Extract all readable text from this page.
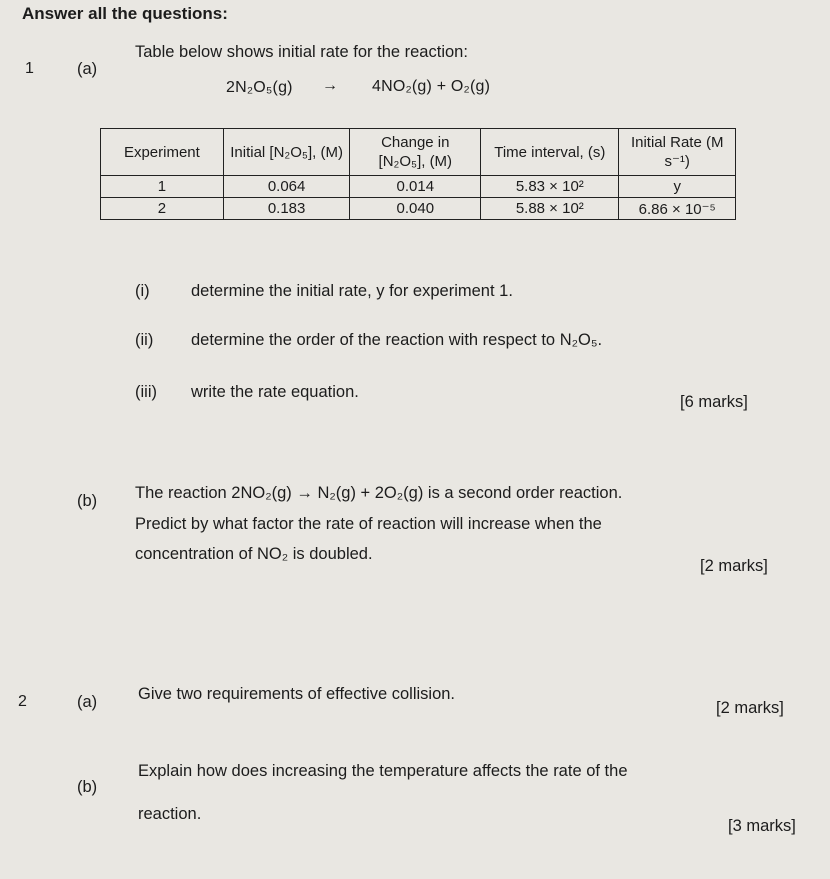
Answer all the questions:
1	(a)
Table below shows initial rate for the reaction:
2N₂O₅(g) → 4NO₂(g) + O₂(g)
Experiment	Initial [N₂O₅], (M)	Change in [N₂O₅], (M)	Time interval, (s)	Initial Rate (M s⁻¹)
1	0.064	0.014	5.83 × 10²	y
2	0.183	0.040	5.88 × 10²	6.86 × 10⁻⁵
(i)	determine the initial rate, y for experiment 1.
(ii) determine the order of the reaction with respect to N₂O₅.
(iii) write the rate equation.
[6 marks]
(b) The reaction 2NO₂(g) → N₂(g) + 2O₂(g) is a second order reaction.
Predict by what factor the rate of reaction will increase when the
concentration of NO₂ is doubled.
[2 marks]
2	(a) Give two requirements of effective collision.
[2 marks]
(b)
Explain how does increasing the temperature affects the rate of the
reaction.
[3 marks]
